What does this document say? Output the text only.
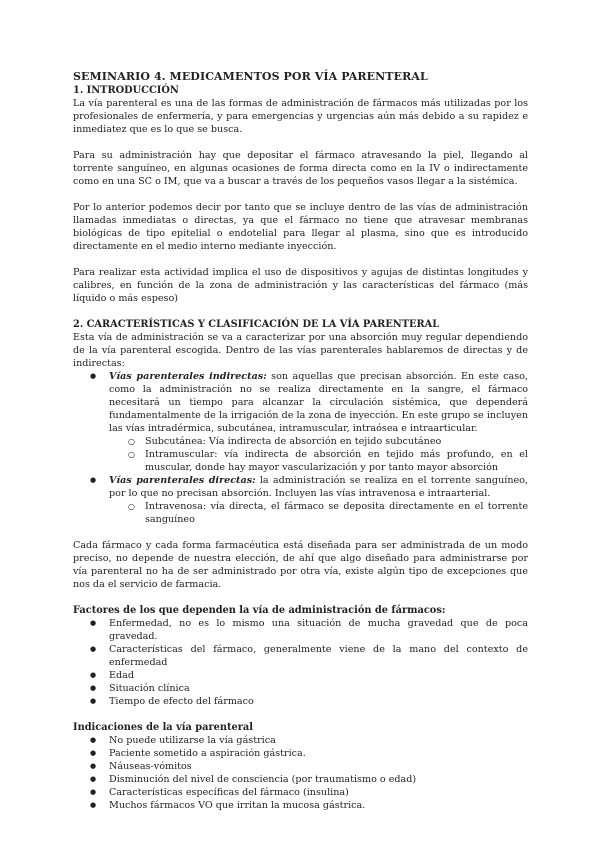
SEMINARIO 4. MEDICAMENTOS POR VÍA PARENTERAL
1. INTRODUCCIÓN

La vía parenteral es una de las formas de administración de fármacos más utilizadas por los profesionales de enfermería, y para emergencias y urgencias aún más debido a su rapidez e inmediatez que es lo que se busca.

Para su administración hay que depositar el fármaco atravesando la piel, llegando al torrente sanguíneo, en algunas ocasiones de forma directa como en la IV o indirectamente como en una SC o IM, que va a buscar a través de los pequeños vasos llegar a la sistémica.

Por lo anterior podemos decir por tanto que se incluye dentro de las vías de administración llamadas inmediatas o directas, ya que el fármaco no tiene que atravesar membranas biológicas de tipo epitelial o endotelial para llegar al plasma, sino que es introducido directamente en el medio interno mediante inyección.

Para realizar esta actividad implica el uso de dispositivos y agujas de distintas longitudes y calibres, en función de la zona de administración y las características del fármaco (más líquido o más espeso)

2. CARACTERÍSTICAS Y CLASIFICACIÓN DE LA VÍA PARENTERAL

Esta vía de administración se va a caracterizar por una absorción muy regular dependiendo de la vía parenteral escogida. Dentro de las vías parenterales hablaremos de directas y de indirectas:

● Vías parenterales indirectas: son aquellas que precisan absorción. En este caso, como la administración no se realiza directamente en la sangre, el fármaco necesitará un tiempo para alcanzar la circulación sistémica, que dependerá fundamentalmente de la irrigación de la zona de inyección. En este grupo se incluyen las vías intradérmica, subcutánea, intramuscular, intraósea e intraarticular.
○ Subcutánea: Vía indirecta de absorción en tejido subcutáneo
○ Intramuscular: vía indirecta de absorción en tejido más profundo, en el muscular, donde hay mayor vascularización y por tanto mayor absorción
● Vías parenterales directas: la administración se realiza en el torrente sanguíneo, por lo que no precisan absorción. Incluyen las vías intravenosa e intraarterial.
○ Intravenosa: vía directa, el fármaco se deposita directamente en el torrente sanguíneo

Cada fármaco y cada forma farmacéutica está diseñada para ser administrada de un modo preciso, no depende de nuestra elección, de ahí que algo diseñado para administrarse por vía parenteral no ha de ser administrado por otra vía, existe algún tipo de excepciones que nos da el servicio de farmacia.

Factores de los que dependen la vía de administración de fármacos:
● Enfermedad, no es lo mismo una situación de mucha gravedad que de poca gravedad.
● Características del fármaco, generalmente viene de la mano del contexto de enfermedad
● Edad
● Situación clínica
● Tiempo de efecto del fármaco
Indicaciones de la vía parenteral
● No puede utilizarse la vía gástrica
● Paciente sometido a aspiración gástrica.
● Náuseas-vómitos
● Disminución del nivel de consciencia (por traumatismo o edad)
● Características específicas del fármaco (insulina)
● Muchos fármacos VO que irritan la mucosa gástrica.
